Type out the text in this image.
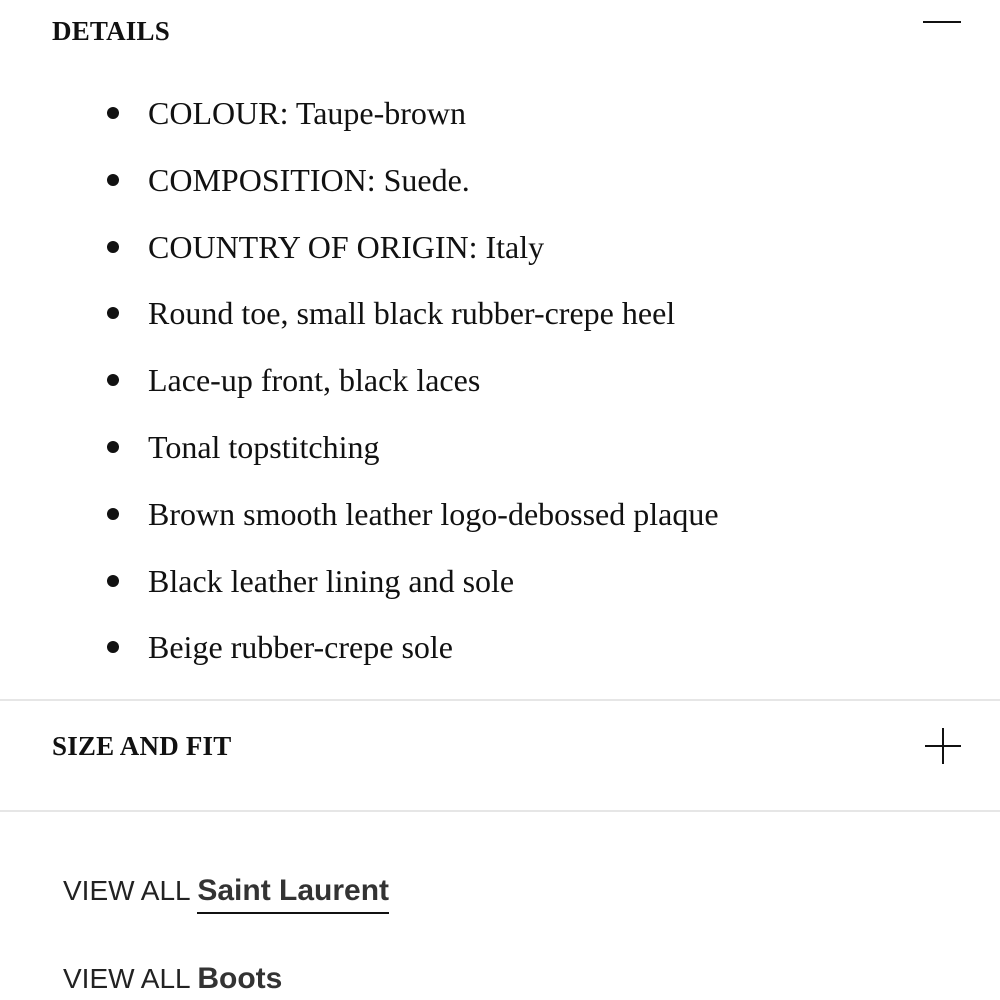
DETAILS
COLOUR: Taupe-brown
COMPOSITION: Suede.
COUNTRY OF ORIGIN: Italy
Round toe, small black rubber-crepe heel
Lace-up front, black laces
Tonal topstitching
Brown smooth leather logo-debossed plaque
Black leather lining and sole
Beige rubber-crepe sole
SIZE AND FIT
VIEW ALL Saint Laurent
VIEW ALL Boots
